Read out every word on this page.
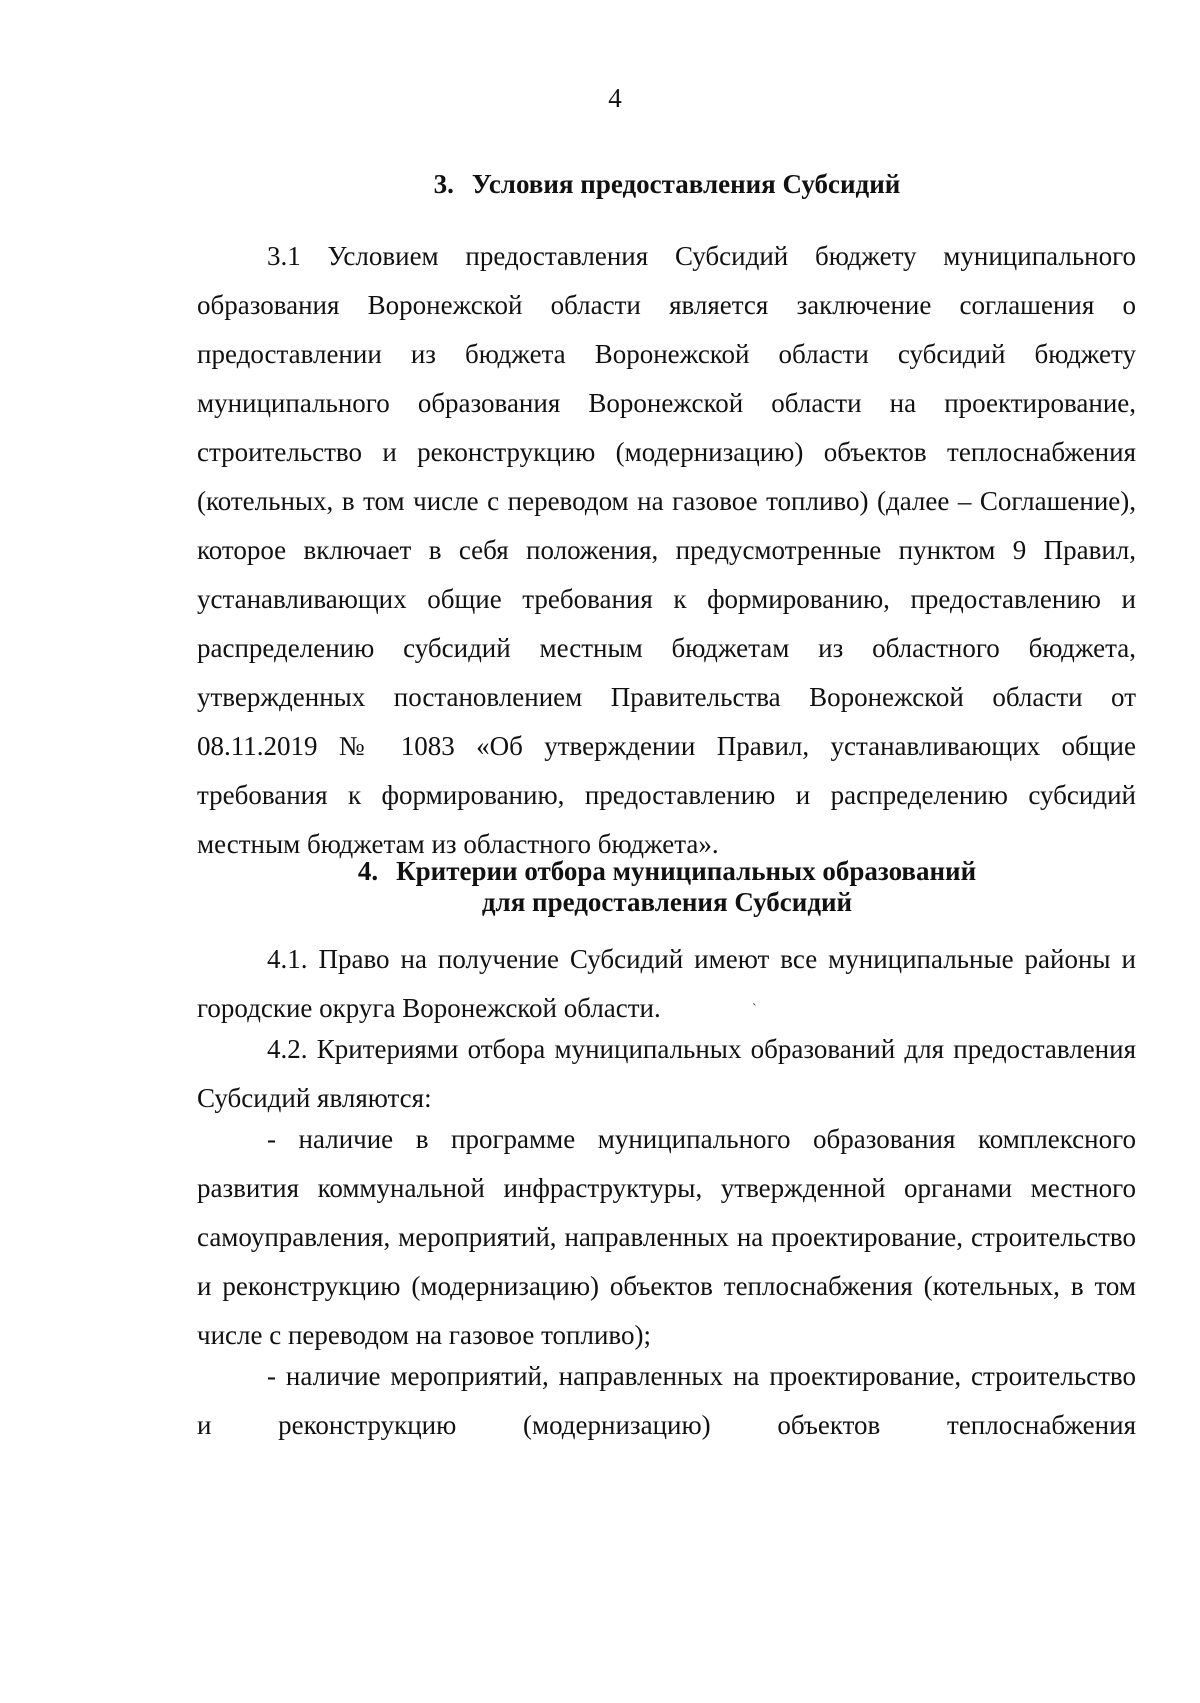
4
3. Условия предоставления Субсидий

3.1 Условием предоставления Субсидий бюджету муниципального образования Воронежской области является заключение соглашения о предоставлении из бюджета Воронежской области субсидий бюджету муниципального образования Воронежской области на проектирование, строительство и реконструкцию (модернизацию) объектов теплоснабжения (котельных, в том числе с переводом на газовое топливо) (далее – Соглашение), которое включает в себя положения, предусмотренные пунктом 9 Правил, устанавливающих общие требования к формированию, предоставлению и распределению субсидий местным бюджетам из областного бюджета, утвержденных постановлением Правительства Воронежской области от 08.11.2019 № 1083 «Об утверждении Правил, устанавливающих общие требования к формированию, предоставлению и распределению субсидий местным бюджетам из областного бюджета».

4. Критерии отбора муниципальных образований
для предоставления Субсидий
ˋ

4.1. Право на получение Субсидий имеют все муниципальные районы и городские округа Воронежской области.

4.2. Критериями отбора муниципальных образований для предоставления Субсидий являются:

- наличие в программе муниципального образования комплексного развития коммунальной инфраструктуры, утвержденной органами местного самоуправления, мероприятий, направленных на проектирование, строительство и реконструкцию (модернизацию) объектов теплоснабжения (котельных, в том числе с переводом на газовое топливо);

- наличие мероприятий, направленных на проектирование, строительство и реконструкцию (модернизацию) объектов теплоснабжения
